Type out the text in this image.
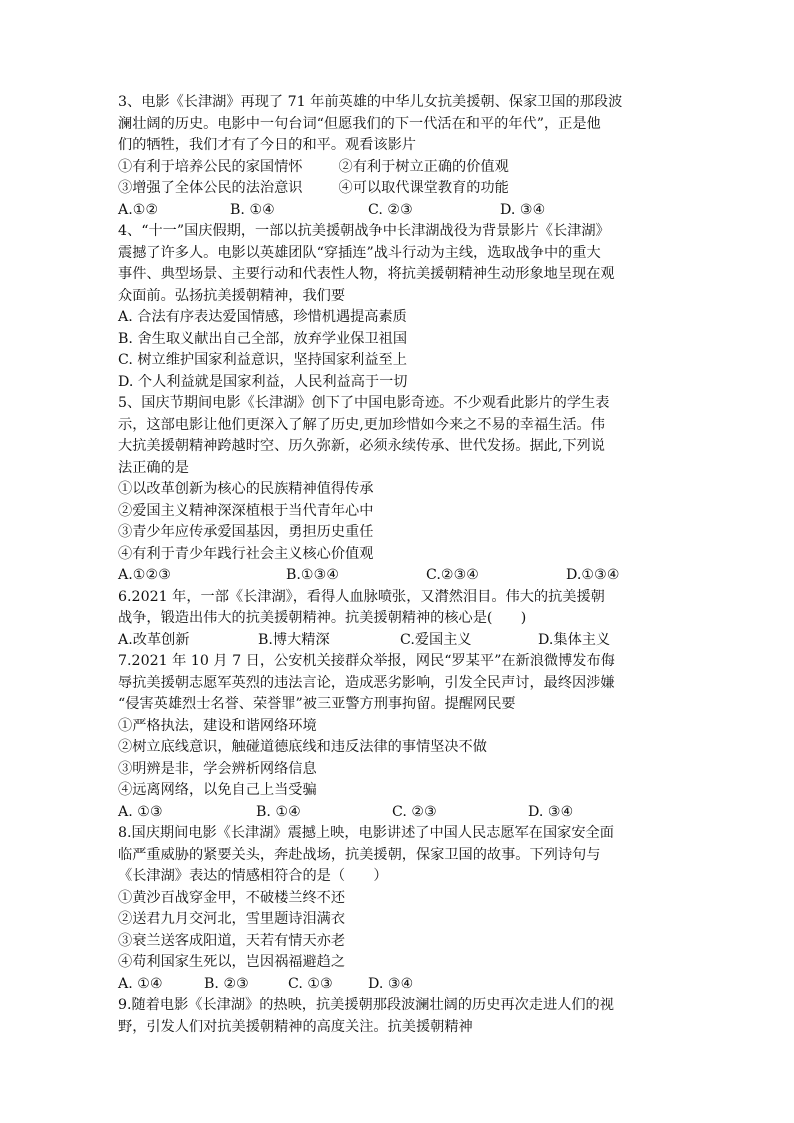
3、电影《长津湖》再现了 71 年前英雄的中华儿女抗美援朝、保家卫国的那段波
澜壮阔的历史。电影中一句台词“但愿我们的下一代活在和平的年代”，正是他
们的牺牲，我们才有了今日的和平。观看该影片
①有利于培养公民的家国情怀        ②有利于树立正确的价值观
③增强了全体公民的法治意识        ④可以取代课堂教育的功能
A.①②	B. ①④	C. ②③	D. ③④
4、“十一”国庆假期，一部以抗美援朝战争中长津湖战役为背景影片《长津湖》
震撼了许多人。电影以英雄团队“穿插连”战斗行动为主线，选取战争中的重大
事件、典型场景、主要行动和代表性人物，将抗美援朝精神生动形象地呈现在观
众面前。弘扬抗美援朝精神，我们要
A. 合法有序表达爱国情感，珍惜机遇提高素质
B. 舍生取义献出自己全部，放弃学业保卫祖国
C. 树立维护国家利益意识，坚持国家利益至上
D. 个人利益就是国家利益，人民利益高于一切
5、国庆节期间电影《长津湖》创下了中国电影奇迹。不少观看此影片的学生表
示，这部电影让他们更深入了解了历史,更加珍惜如今来之不易的幸福生活。伟
大抗美援朝精神跨越时空、历久弥新，必须永续传承、世代发扬。据此,下列说
法正确的是
①以改革创新为核心的民族精神值得传承
②爱国主义精神深深植根于当代青年心中
③青少年应传承爱国基因，勇担历史重任
④有利于青少年践行社会主义核心价值观
A.①②③	B.①③④	C.②③④	D.①③④
6.2021 年，一部《长津湖》，看得人血脉喷张，又潸然泪目。伟大的抗美援朝
战争，锻造出伟大的抗美援朝精神。抗美援朝精神的核心是(　　)
A.改革创新	B.博大精深	C.爱国主义	D.集体主义
7.2021 年 10 月 7 日，公安机关接群众举报，网民“罗某平”在新浪微博发布侮
辱抗美援朝志愿军英烈的违法言论，造成恶劣影响，引发全民声讨，最终因涉嫌
“侵害英雄烈士名誉、荣誉罪”被三亚警方刑事拘留。提醒网民要
①严格执法，建设和谐网络环境
②树立底线意识，触碰道德底线和违反法律的事情坚决不做
③明辨是非，学会辨析网络信息
④远离网络，以免自己上当受骗
A. ①③	B. ①④	C. ②③	D. ③④
8.国庆期间电影《长津湖》震撼上映，电影讲述了中国人民志愿军在国家安全面
临严重威胁的紧要关头，奔赴战场，抗美援朝，保家卫国的故事。下列诗句与
《长津湖》表达的情感相符合的是（　　）
①黄沙百战穿金甲，不破楼兰终不还
②送君九月交河北，雪里题诗泪满衣
③衰兰送客成阳道，天若有情天亦老
④苟利国家生死以，岂因祸福避趋之
A. ①④	B. ②③	C. ①③	D. ③④
9.随着电影《长津湖》的热映，抗美援朝那段波澜壮阔的历史再次走进人们的视
野，引发人们对抗美援朝精神的高度关注。抗美援朝精神
